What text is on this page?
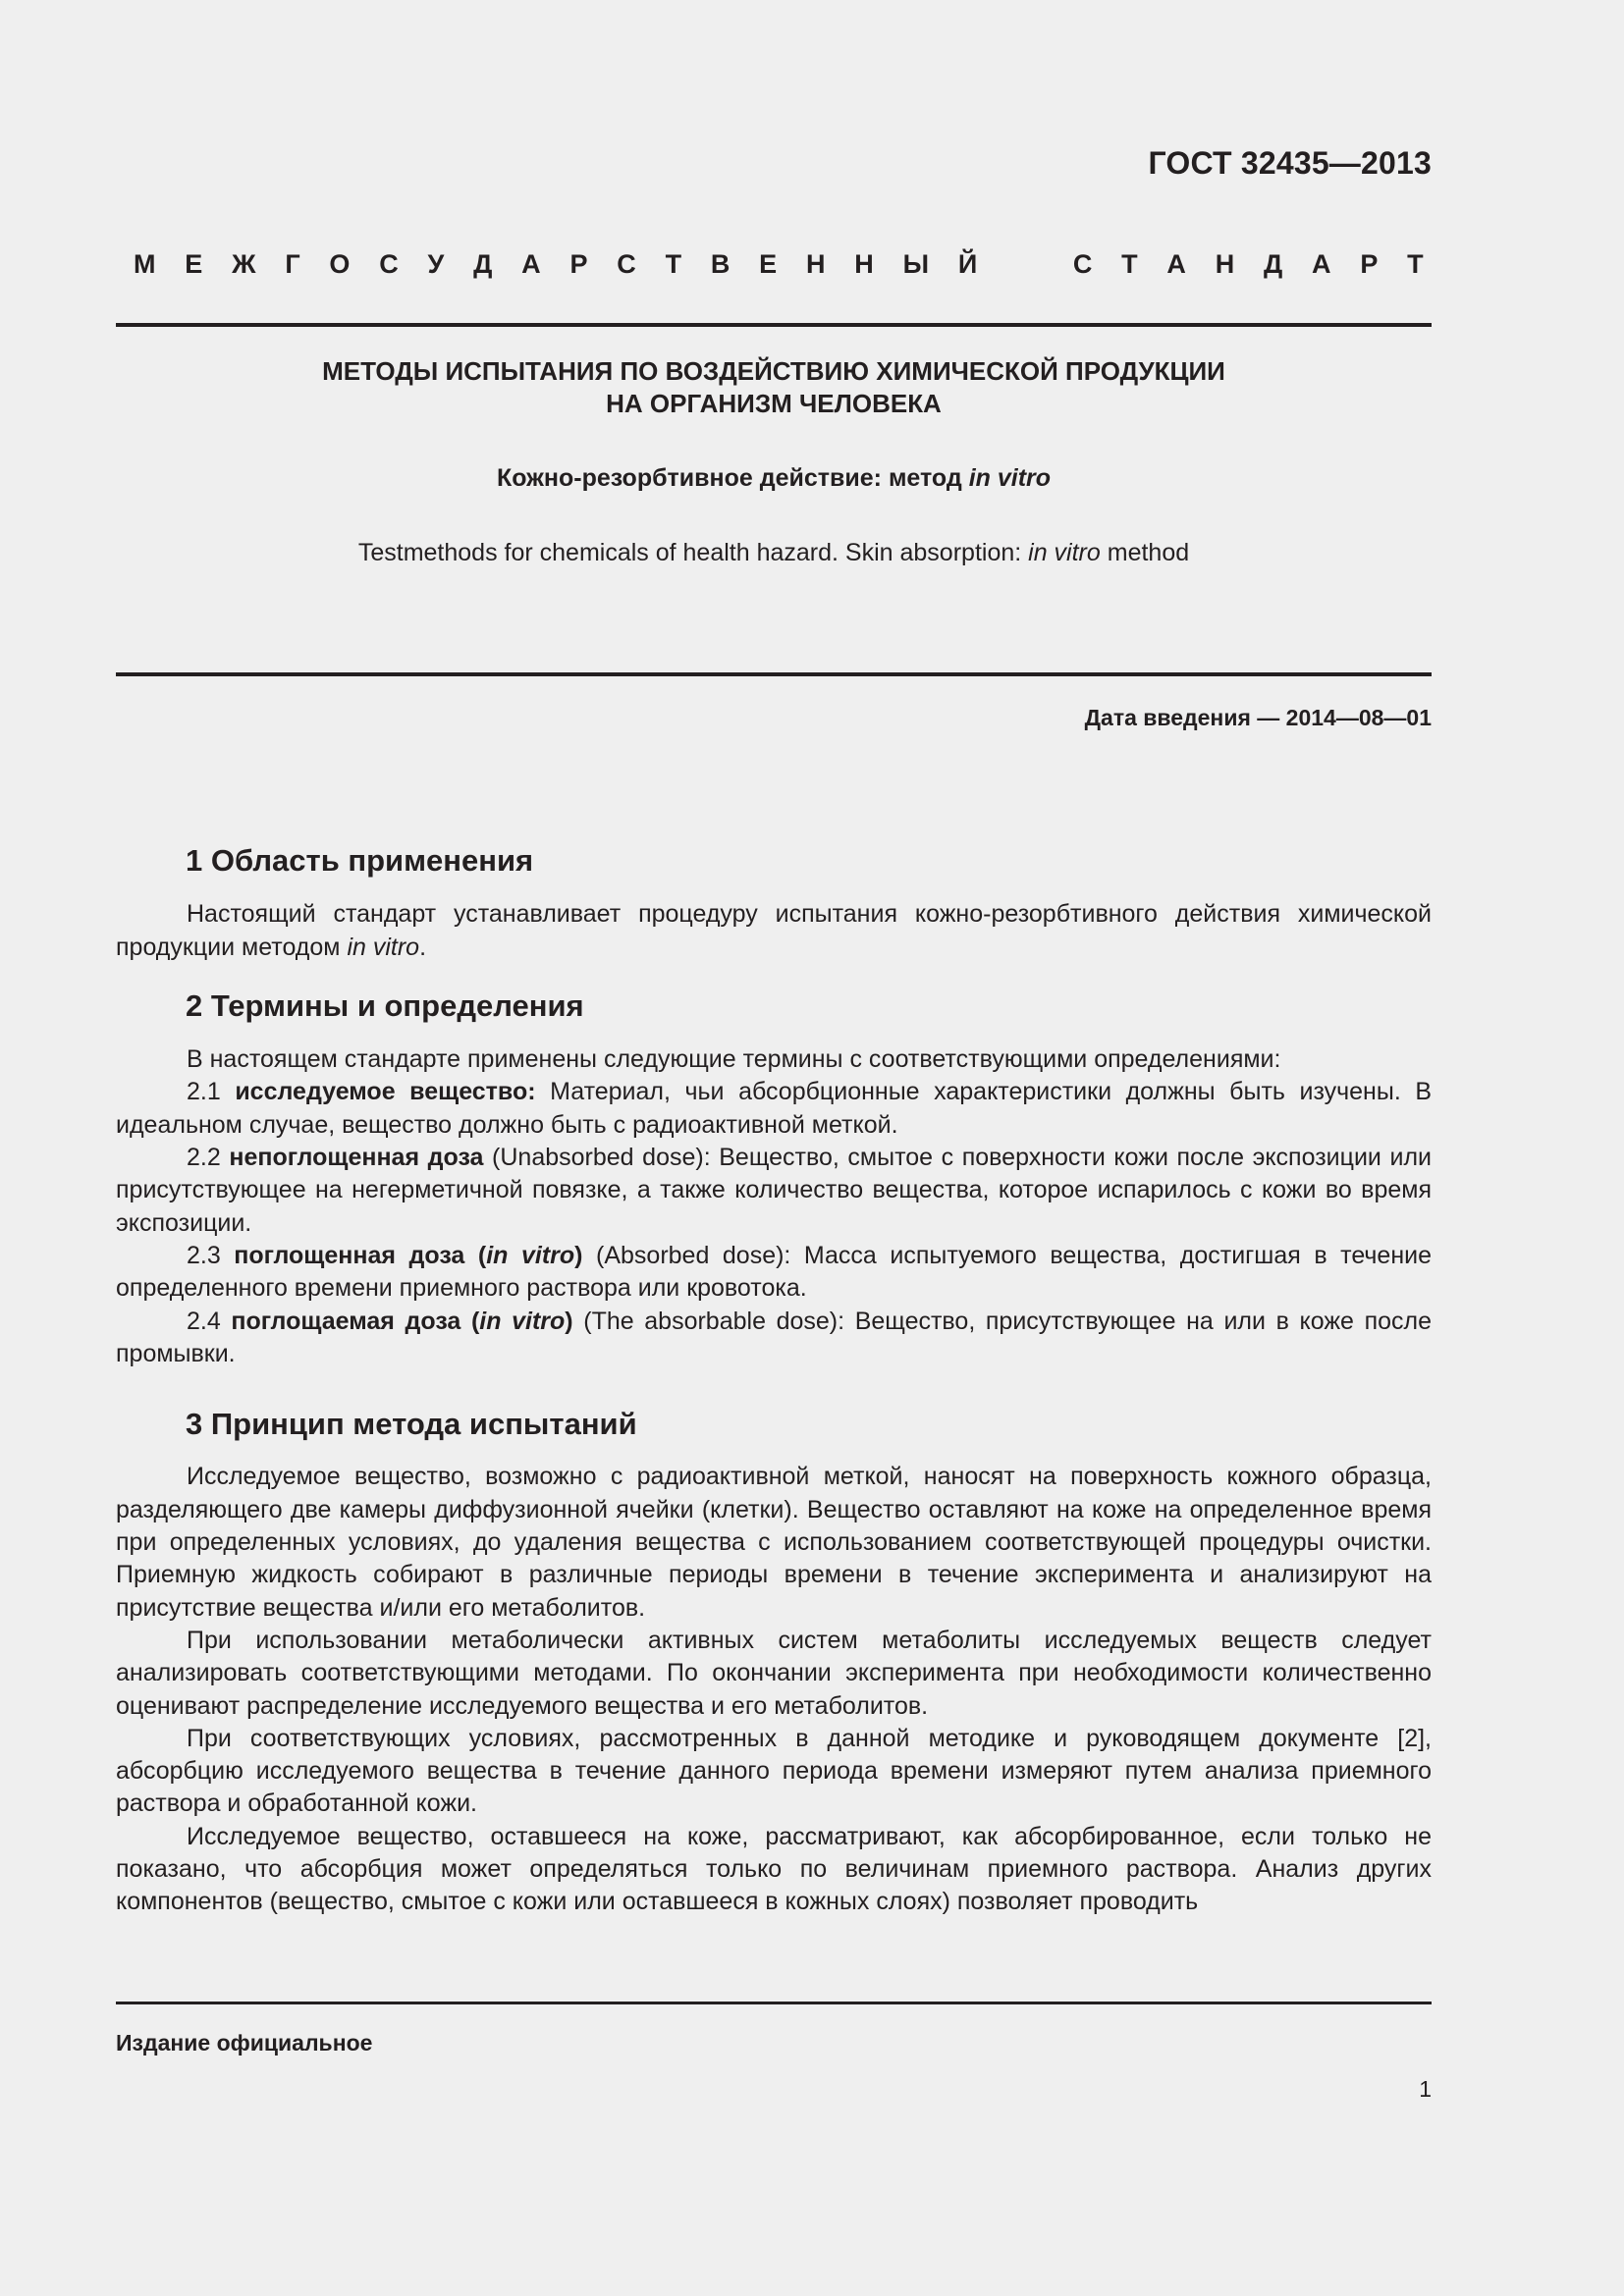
ГОСТ 32435—2013
М Е Ж Г О С У Д А Р С Т В Е Н Н Ы Й	С Т А Н Д А Р Т
МЕТОДЫ ИСПЫТАНИЯ ПО ВОЗДЕЙСТВИЮ ХИМИЧЕСКОЙ ПРОДУКЦИИ
НА ОРГАНИЗМ ЧЕЛОВЕКА
Кожно-резорбтивное действие: метод in vitro
Testmethods for chemicals of health hazard. Skin absorption: in vitro method
Дата введения — 2014—08—01
1 Область применения

Настоящий стандарт устанавливает процедуру испытания кожно-резорбтивного действия химической продукции методом in vitro.

2 Термины и определения

В настоящем стандарте применены следующие термины с соответствующими определениями:

2.1 исследуемое вещество: Материал, чьи абсорбционные характеристики должны быть изучены. В идеальном случае, вещество должно быть с радиоактивной меткой.

2.2 непоглощенная доза (Unabsorbed dose): Вещество, смытое с поверхности кожи после экспозиции или присутствующее на негерметичной повязке, а также количество вещества, которое испарилось с кожи во время экспозиции.

2.3 поглощенная доза (in vitro) (Absorbed dose): Масса испытуемого вещества, достигшая в течение определенного времени приемного раствора или кровотока.

2.4 поглощаемая доза (in vitro) (The absorbable dose): Вещество, присутствующее на или в коже после промывки.

3 Принцип метода испытаний

Исследуемое вещество, возможно с радиоактивной меткой, наносят на поверхность кожного образца, разделяющего две камеры диффузионной ячейки (клетки). Вещество оставляют на коже на определенное время при определенных условиях, до удаления вещества с использованием соответствующей процедуры очистки. Приемную жидкость собирают в различные периоды времени в течение эксперимента и анализируют на присутствие вещества и/или его метаболитов.

При использовании метаболически активных систем метаболиты исследуемых веществ следует анализировать соответствующими методами. По окончании эксперимента при необходимости количественно оценивают распределение исследуемого вещества и его метаболитов.

При соответствующих условиях, рассмотренных в данной методике и руководящем документе [2], абсорбцию исследуемого вещества в течение данного периода времени измеряют путем анализа приемного раствора и обработанной кожи.

Исследуемое вещество, оставшееся на коже, рассматривают, как абсорбированное, если только не показано, что абсорбция может определяться только по величинам приемного раствора. Анализ других компонентов (вещество, смытое с кожи или оставшееся в кожных слоях) позволяет проводить

Издание официальное
1
